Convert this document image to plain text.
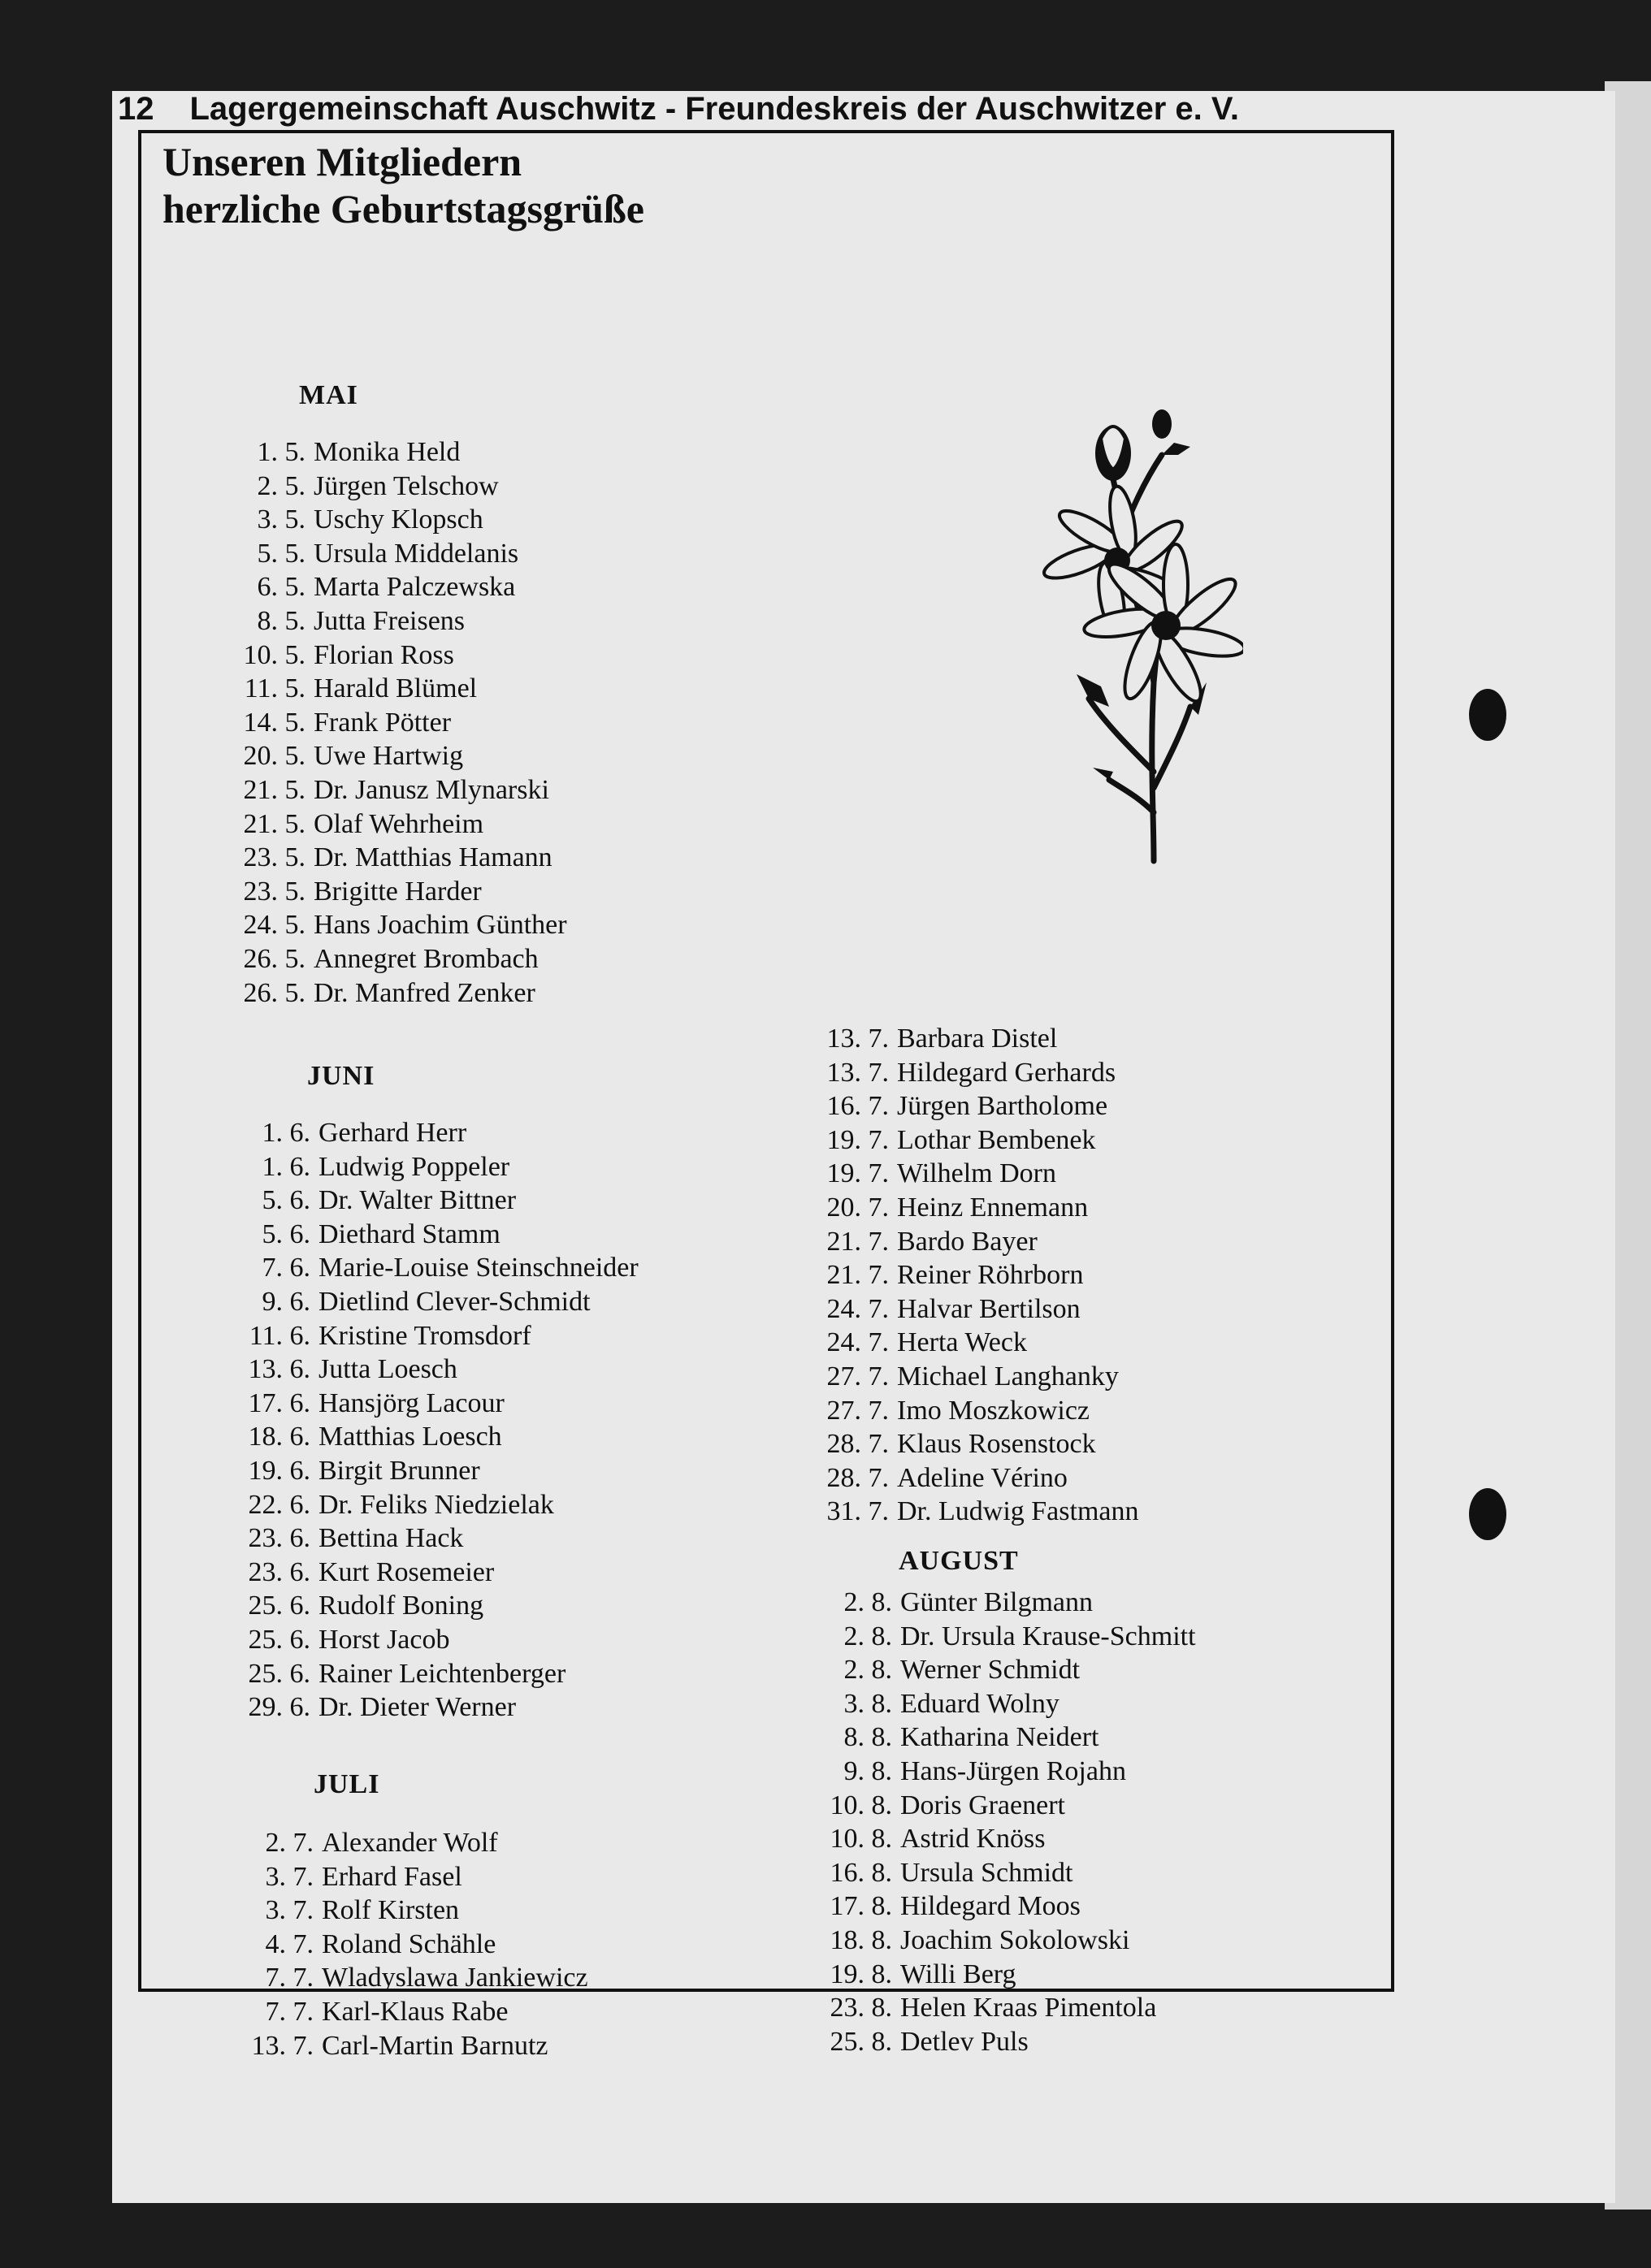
12 Lagergemeinschaft Auschwitz - Freundeskreis der Auschwitzer e. V.
Unseren Mitgliedern
herzliche Geburtstagsgrüße
MAI
1. 5. Monika Held
2. 5. Jürgen Telschow
3. 5. Uschy Klopsch
5. 5. Ursula Middelanis
6. 5. Marta Palczewska
8. 5. Jutta Freisens
10. 5. Florian Ross
11. 5. Harald Blümel
14. 5. Frank Pötter
20. 5. Uwe Hartwig
21. 5. Dr. Janusz Mlynarski
21. 5. Olaf Wehrheim
23. 5. Dr. Matthias Hamann
23. 5. Brigitte Harder
24. 5. Hans Joachim Günther
26. 5. Annegret Brombach
26. 5. Dr. Manfred Zenker
JUNI
1. 6. Gerhard Herr
1. 6. Ludwig Poppeler
5. 6. Dr. Walter Bittner
5. 6. Diethard Stamm
7. 6. Marie-Louise Steinschneider
9. 6. Dietlind Clever-Schmidt
11. 6. Kristine Tromsdorf
13. 6. Jutta Loesch
17. 6. Hansjörg Lacour
18. 6. Matthias Loesch
19. 6. Birgit Brunner
22. 6. Dr. Feliks Niedzielak
23. 6. Bettina Hack
23. 6. Kurt Rosemeier
25. 6. Rudolf Boning
25. 6. Horst Jacob
25. 6. Rainer Leichtenberger
29. 6. Dr. Dieter Werner
JULI
2. 7. Alexander Wolf
3. 7. Erhard Fasel
3. 7. Rolf Kirsten
4. 7. Roland Schähle
7. 7. Wladyslawa Jankiewicz
7. 7. Karl-Klaus Rabe
13. 7. Carl-Martin Barnutz
13. 7. Barbara Distel
13. 7. Hildegard Gerhards
16. 7. Jürgen Bartholome
19. 7. Lothar Bembenek
19. 7. Wilhelm Dorn
20. 7. Heinz Ennemann
21. 7. Bardo Bayer
21. 7. Reiner Röhrborn
24. 7. Halvar Bertilson
24. 7. Herta Weck
27. 7. Michael Langhanky
27. 7. Imo Moszkowicz
28. 7. Klaus Rosenstock
28. 7. Adeline Vérino
31. 7. Dr. Ludwig Fastmann
AUGUST
2. 8. Günter Bilgmann
2. 8. Dr. Ursula Krause-Schmitt
2. 8. Werner Schmidt
3. 8. Eduard Wolny
8. 8. Katharina Neidert
9. 8. Hans-Jürgen Rojahn
10. 8. Doris Graenert
10. 8. Astrid Knöss
16. 8. Ursula Schmidt
17. 8. Hildegard Moos
18. 8. Joachim Sokolowski
19. 8. Willi Berg
23. 8. Helen Kraas Pimentola
25. 8. Detlev Puls
